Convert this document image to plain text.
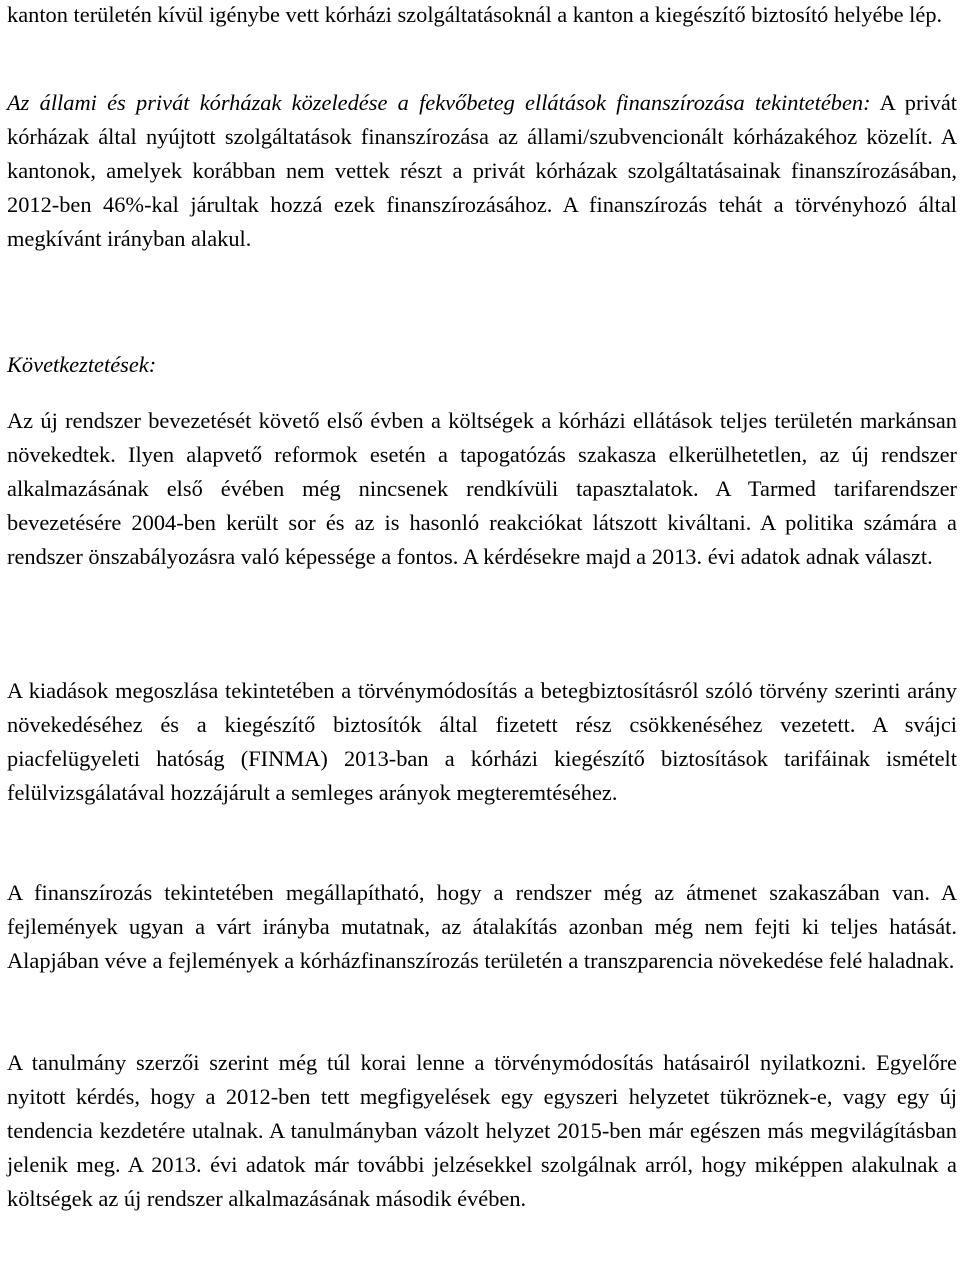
kanton területén kívül igénybe vett kórházi szolgáltatásoknál a kanton a kiegészítő biztosító helyébe lép.

Az állami és privát kórházak közeledése a fekvőbeteg ellátások finanszírozása tekintetében: A privát kórházak által nyújtott szolgáltatások finanszírozása az állami/szubvencionált kórházakéhoz közelít. A kantonok, amelyek korábban nem vettek részt a privát kórházak szolgáltatásainak finanszírozásában, 2012-ben 46%-kal járultak hozzá ezek finanszírozásához. A finanszírozás tehát a törvényhozó által megkívánt irányban alakul.

Következtetések:

Az új rendszer bevezetését követő első évben a költségek a kórházi ellátások teljes területén markánsan növekedtek. Ilyen alapvető reformok esetén a tapogatózás szakasza elkerülhetetlen, az új rendszer alkalmazásának első évében még nincsenek rendkívüli tapasztalatok. A Tarmed tarifarendszer bevezetésére 2004-ben került sor és az is hasonló reakciókat látszott kiváltani. A politika számára a rendszer önszabályozásra való képessége a fontos. A kérdésekre majd a 2013. évi adatok adnak választ.

A kiadások megoszlása tekintetében a törvénymódosítás a betegbiztosításról szóló törvény szerinti arány növekedéséhez és a kiegészítő biztosítók által fizetett rész csökkenéséhez vezetett. A svájci piacfelügyeleti hatóság (FINMA) 2013-ban a kórházi kiegészítő biztosítások tarifáinak ismételt felülvizsgálatával hozzájárult a semleges arányok megteremtéséhez.

A finanszírozás tekintetében megállapítható, hogy a rendszer még az átmenet szakaszában van. A fejlemények ugyan a várt irányba mutatnak, az átalakítás azonban még nem fejti ki teljes hatását. Alapjában véve a fejlemények a kórházfinanszírozás területén a transzparencia növekedése felé haladnak.

A tanulmány szerzői szerint még túl korai lenne a törvénymódosítás hatásairól nyilatkozni. Egyelőre nyitott kérdés, hogy a 2012-ben tett megfigyelések egy egyszeri helyzetet tükröznek-e, vagy egy új tendencia kezdetére utalnak. A tanulmányban vázolt helyzet 2015-ben már egészen más megvilágításban jelenik meg. A 2013. évi adatok már további jelzésekkel szolgálnak arról, hogy miképpen alakulnak a költségek az új rendszer alkalmazásának második évében.
